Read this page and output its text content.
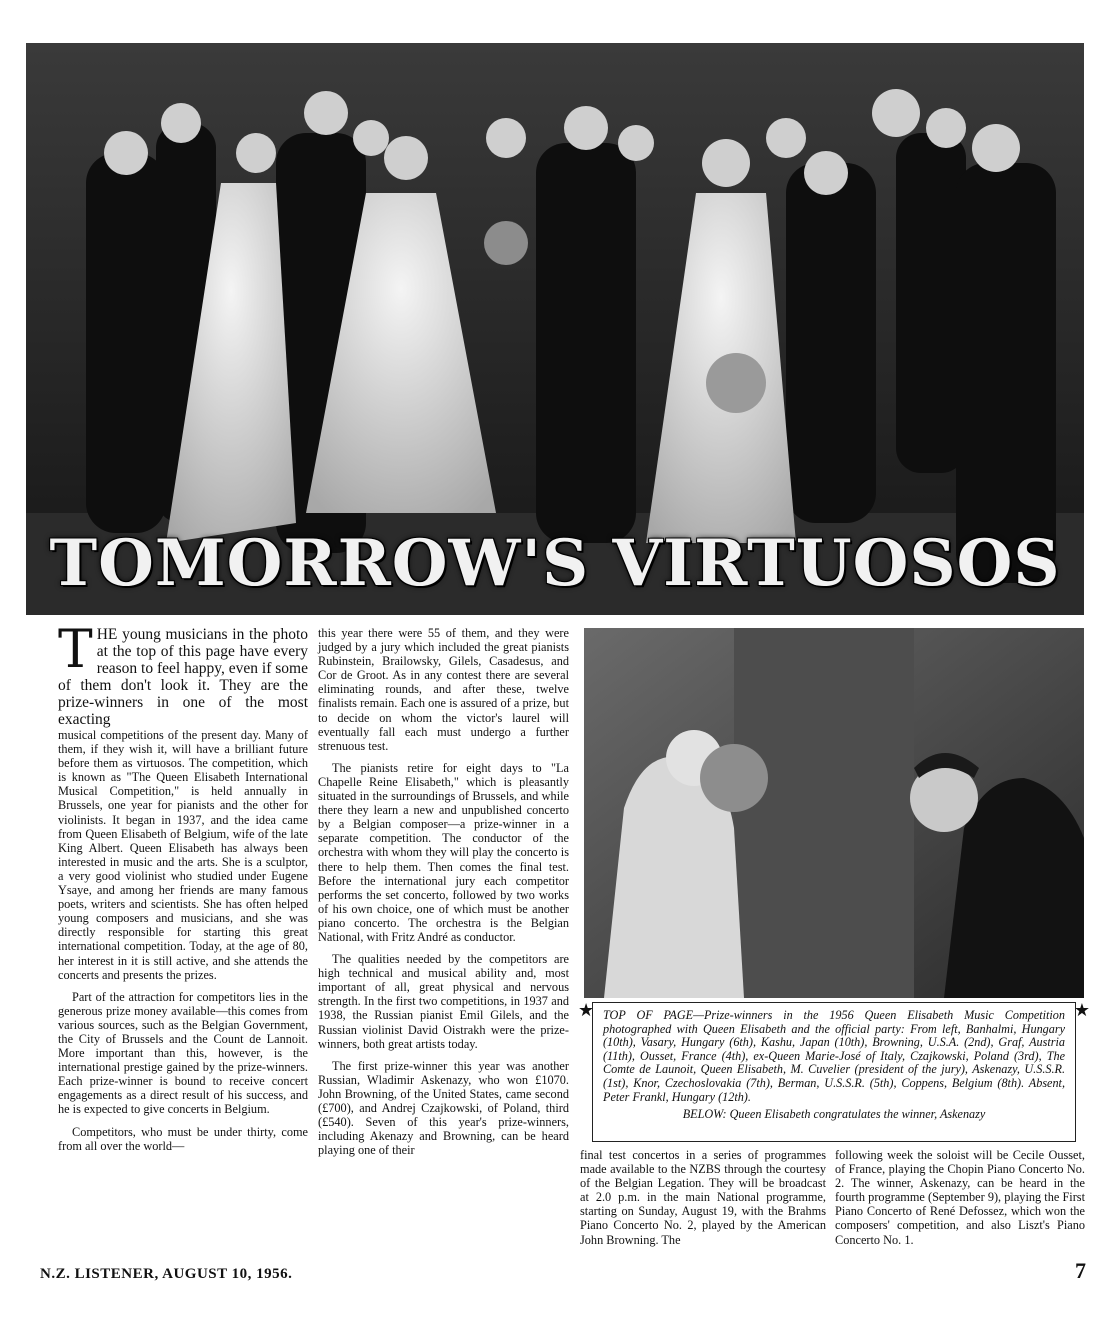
TOMORROW'S VIRTUOSOS

THE young musicians in the photo at the top of this page have every reason to feel happy, even if some of them don't look it. They are the prize-winners in one of the most exacting

musical competitions of the present day. Many of them, if they wish it, will have a brilliant future before them as virtuosos. The competition, which is known as "The Queen Elisabeth International Musical Competition," is held annually in Brussels, one year for pianists and the other for violinists. It began in 1937, and the idea came from Queen Elisabeth of Belgium, wife of the late King Albert. Queen Elisabeth has always been interested in music and the arts. She is a sculptor, a very good violinist who studied under Eugene Ysaye, and among her friends are many famous poets, writers and scientists. She has often helped young composers and musicians, and she was directly responsible for starting this great international competition. Today, at the age of 80, her interest in it is still active, and she attends the concerts and presents the prizes.

Part of the attraction for competitors lies in the generous prize money available—this comes from various sources, such as the Belgian Government, the City of Brussels and the Count de Lannoit. More important than this, however, is the international prestige gained by the prize-winners. Each prize-winner is bound to receive concert engagements as a direct result of his success, and he is expected to give concerts in Belgium.

Competitors, who must be under thirty, come from all over the world—

this year there were 55 of them, and they were judged by a jury which included the great pianists Rubinstein, Brailowsky, Gilels, Casadesus, and Cor de Groot. As in any contest there are several eliminating rounds, and after these, twelve finalists remain. Each one is assured of a prize, but to decide on whom the victor's laurel will eventually fall each must undergo a further strenuous test.

The pianists retire for eight days to "La Chapelle Reine Elisabeth," which is pleasantly situated in the surroundings of Brussels, and while there they learn a new and unpublished concerto by a Belgian composer—a prize-winner in a separate competition. The conductor of the orchestra with whom they will play the concerto is there to help them. Then comes the final test. Before the international jury each competitor performs the set concerto, followed by two works of his own choice, one of which must be another piano concerto. The orchestra is the Belgian National, with Fritz André as conductor.

The qualities needed by the competitors are high technical and musical ability and, most important of all, great physical and nervous strength. In the first two competitions, in 1937 and 1938, the Russian pianist Emil Gilels, and the Russian violinist David Oistrakh were the prize-winners, both great artists today.

The first prize-winner this year was another Russian, Wladimir Askenazy, who won £1070. John Browning, of the United States, came second (£700), and Andrej Czajkowski, of Poland, third (£540). Seven of this year's prize-winners, including Akenazy and Browning, can be heard playing one of their

★	★
TOP OF PAGE—Prize-winners in the 1956 Queen Elisabeth Music Competition photographed with Queen Elisabeth and the official party: From left, Banhalmi, Hungary (10th), Vasary, Hungary (6th), Kashu, Japan (10th), Browning, U.S.A. (2nd), Graf, Austria (11th), Ousset, France (4th), ex-Queen Marie-José of Italy, Czajkowski, Poland (3rd), The Comte de Launoit, Queen Elisabeth, M. Cuvelier (president of the jury), Askenazy, U.S.S.R. (1st), Knor, Czechoslovakia (7th), Berman, U.S.S.R. (5th), Coppens, Belgium (8th). Absent, Peter Frankl, Hungary (12th).
BELOW: Queen Elisabeth congratulates the winner, Askenazy

final test concertos in a series of programmes made available to the NZBS through the courtesy of the Belgian Legation. They will be broadcast at 2.0 p.m. in the main National programme, starting on Sunday, August 19, with the Brahms Piano Concerto No. 2, played by the American John Browning. The

following week the soloist will be Cecile Ousset, of France, playing the Chopin Piano Concerto No. 2. The winner, Askenazy, can be heard in the fourth programme (September 9), playing the First Piano Concerto of René Defossez, which won the composers' competition, and also Liszt's Piano Concerto No. 1.

N.Z. LISTENER, AUGUST 10, 1956.	7
